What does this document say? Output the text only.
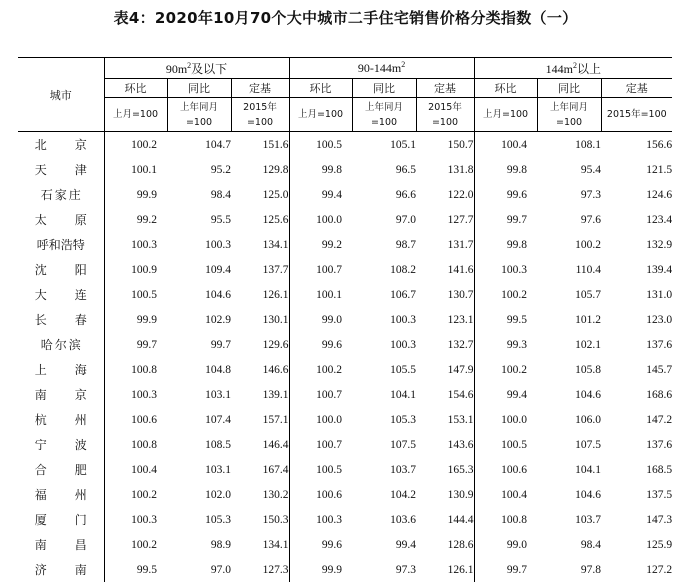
表4：2020年10月70个大中城市二手住宅销售价格分类指数（一）
城市	$90m^2$及以下			$90-144m^2$			$144m^2$以上		
	环比	同比	定基	环比	同比	定基	环比	同比	定基
	上月=100	上年同月=100	2015年=100	上月=100	上年同月=100	2015年=100	上月=100	上年同月=100	2015年=100
北京	100.2	104.7	151.6	100.5	105.1	150.7	100.4	108.1	156.6
天津	100.1	95.2	129.8	99.8	96.5	131.8	99.8	95.4	121.5
石家庄	99.9	98.4	125.0	99.4	96.6	122.0	99.6	97.3	124.6
太原	99.2	95.5	125.6	100.0	97.0	127.7	99.7	97.6	123.4
呼和浩特	100.3	100.3	134.1	99.2	98.7	131.7	99.8	100.2	132.9
沈阳	100.9	109.4	137.7	100.7	108.2	141.6	100.3	110.4	139.4
大连	100.5	104.6	126.1	100.1	106.7	130.7	100.2	105.7	131.0
长春	99.9	102.9	130.1	99.0	100.3	123.1	99.5	101.2	123.0
哈尔滨	99.7	99.7	129.6	99.6	100.3	132.7	99.3	102.1	137.6
上海	100.8	104.8	146.6	100.2	105.5	147.9	100.2	105.8	145.7
南京	100.3	103.1	139.1	100.7	104.1	154.6	99.4	104.6	168.6
杭州	100.6	107.4	157.1	100.0	105.3	153.1	100.0	106.0	147.2
宁波	100.8	108.5	146.4	100.7	107.5	143.6	100.5	107.5	137.6
合肥	100.4	103.1	167.4	100.5	103.7	165.3	100.6	104.1	168.5
福州	100.2	102.0	130.2	100.6	104.2	130.9	100.4	104.6	137.5
厦门	100.3	105.3	150.3	100.3	103.6	144.4	100.8	103.7	147.3
南昌	100.2	98.9	134.1	99.6	99.4	128.6	99.0	98.4	125.9
济南	99.5	97.0	127.3	99.9	97.3	126.1	99.7	97.8	127.2
